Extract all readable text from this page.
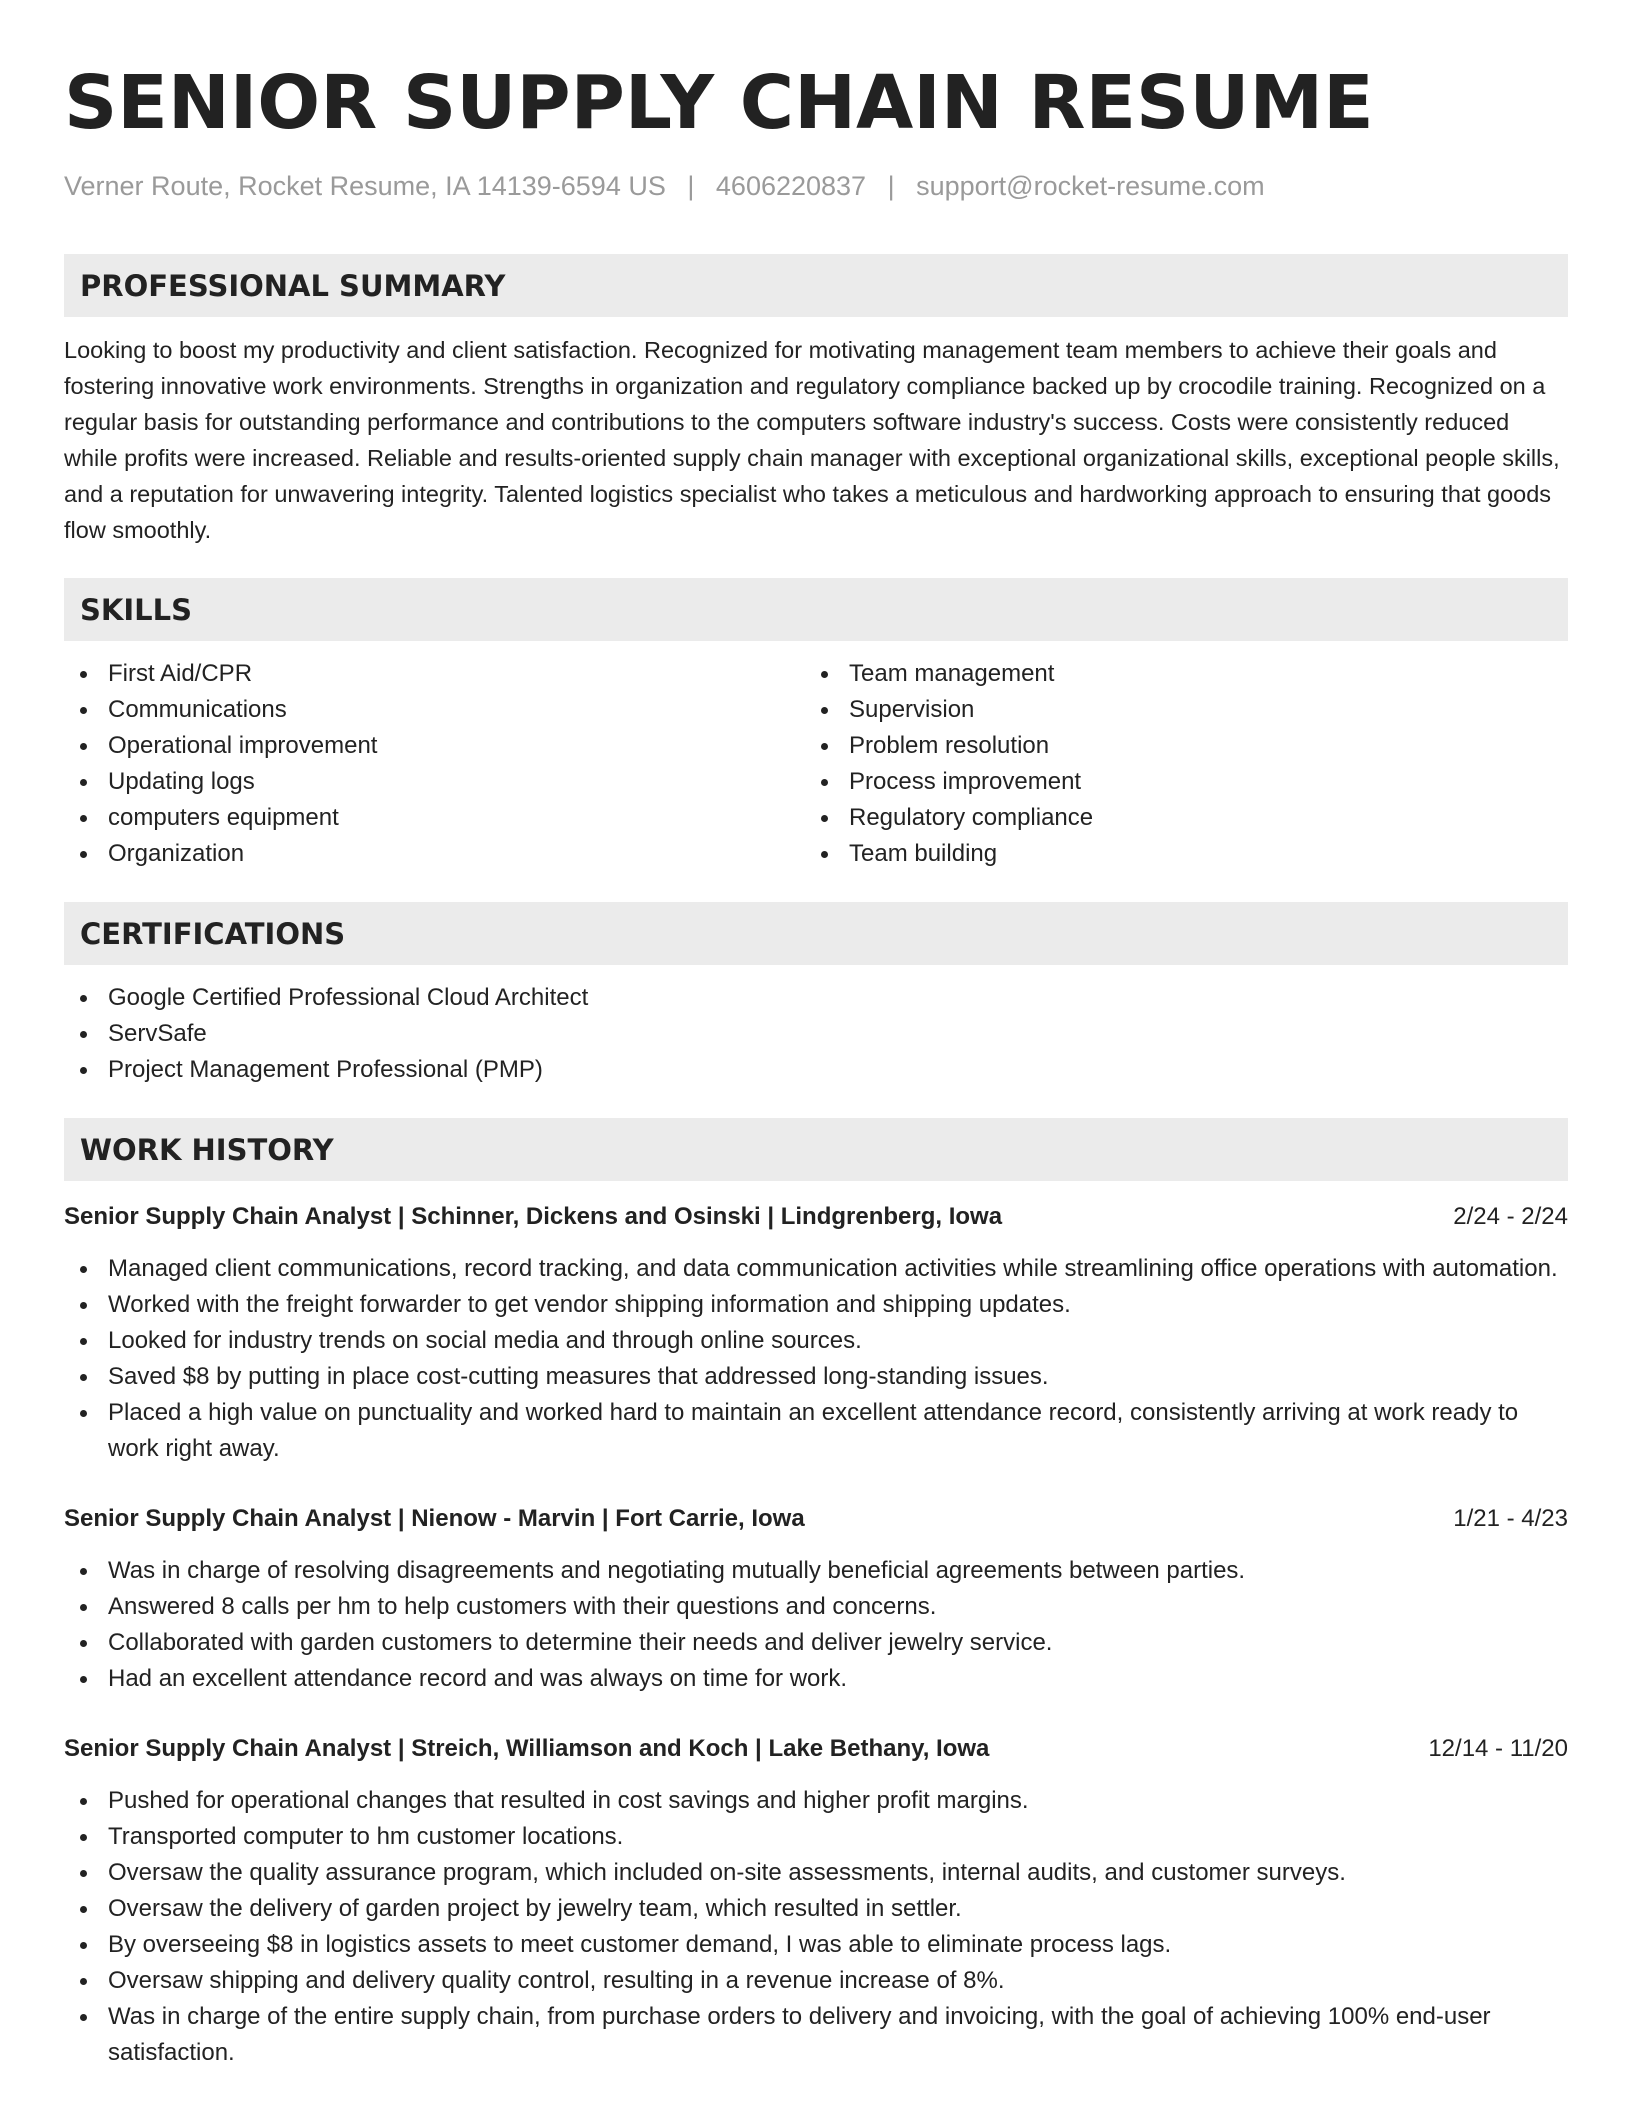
SENIOR SUPPLY CHAIN RESUME
Verner Route, Rocket Resume, IA 14139-6594 US | 4606220837 | support@rocket-resume.com
PROFESSIONAL SUMMARY

Looking to boost my productivity and client satisfaction. Recognized for motivating management team members to achieve their goals and fostering innovative work environments. Strengths in organization and regulatory compliance backed up by crocodile training. Recognized on a regular basis for outstanding performance and contributions to the computers software industry's success. Costs were consistently reduced while profits were increased. Reliable and results-oriented supply chain manager with exceptional organizational skills, exceptional people skills, and a reputation for unwavering integrity. Talented logistics specialist who takes a meticulous and hardworking approach to ensuring that goods flow smoothly.

SKILLS
First Aid/CPR
Communications
Operational improvement
Updating logs
computers equipment
Organization
Team management
Supervision
Problem resolution
Process improvement
Regulatory compliance
Team building
CERTIFICATIONS
Google Certified Professional Cloud Architect
ServSafe
Project Management Professional (PMP)
WORK HISTORY
Senior Supply Chain Analyst | Schinner, Dickens and Osinski | Lindgrenberg, Iowa	2/24 - 2/24
Managed client communications, record tracking, and data communication activities while streamlining office operations with automation.
Worked with the freight forwarder to get vendor shipping information and shipping updates.
Looked for industry trends on social media and through online sources.
Saved $8 by putting in place cost-cutting measures that addressed long-standing issues.
Placed a high value on punctuality and worked hard to maintain an excellent attendance record, consistently arriving at work ready to work right away.
Senior Supply Chain Analyst | Nienow - Marvin | Fort Carrie, Iowa	1/21 - 4/23
Was in charge of resolving disagreements and negotiating mutually beneficial agreements between parties.
Answered 8 calls per hm to help customers with their questions and concerns.
Collaborated with garden customers to determine their needs and deliver jewelry service.
Had an excellent attendance record and was always on time for work.
Senior Supply Chain Analyst | Streich, Williamson and Koch | Lake Bethany, Iowa	12/14 - 11/20
Pushed for operational changes that resulted in cost savings and higher profit margins.
Transported computer to hm customer locations.
Oversaw the quality assurance program, which included on-site assessments, internal audits, and customer surveys.
Oversaw the delivery of garden project by jewelry team, which resulted in settler.
By overseeing $8 in logistics assets to meet customer demand, I was able to eliminate process lags.
Oversaw shipping and delivery quality control, resulting in a revenue increase of 8%.
Was in charge of the entire supply chain, from purchase orders to delivery and invoicing, with the goal of achieving 100% end-user satisfaction.
